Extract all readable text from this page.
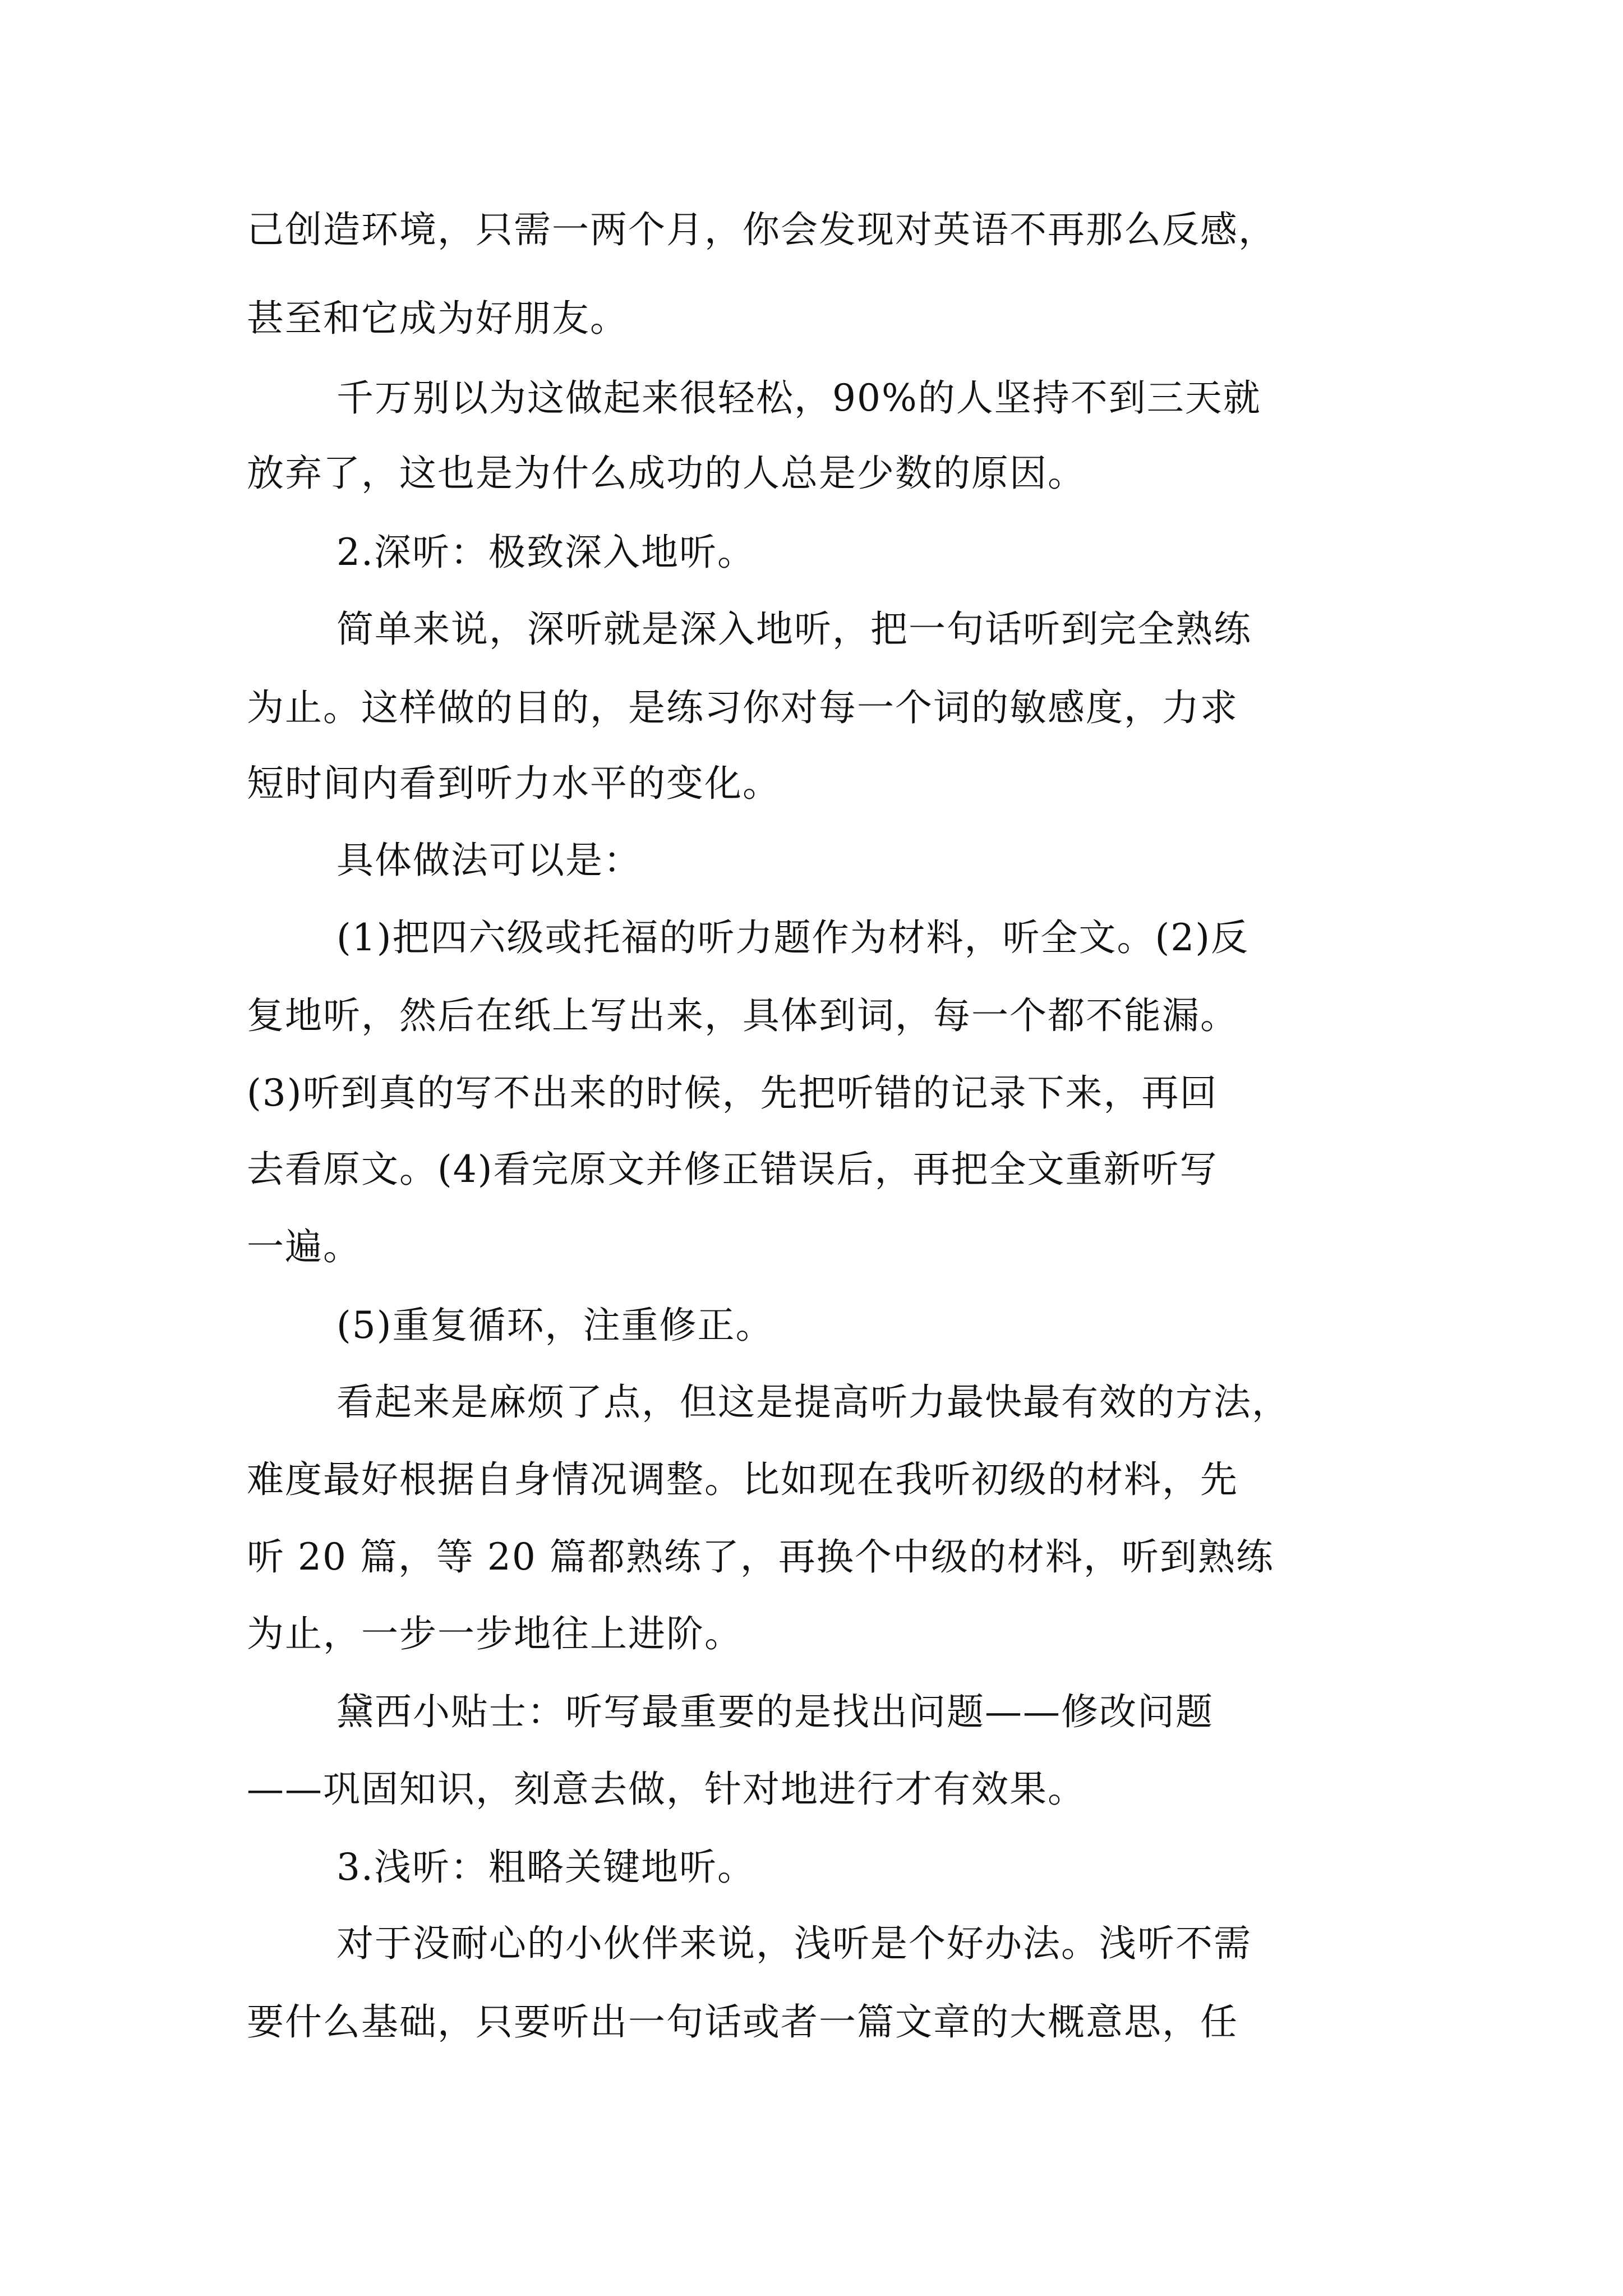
己创造环境，只需一两个月，你会发现对英语不再那么反感，
甚至和它成为好朋友。
千万别以为这做起来很轻松，90%的人坚持不到三天就
放弃了，这也是为什么成功的人总是少数的原因。
2.深听：极致深入地听。
简单来说，深听就是深入地听，把一句话听到完全熟练
为止。这样做的目的，是练习你对每一个词的敏感度，力求
短时间内看到听力水平的变化。
具体做法可以是：
(1)把四六级或托福的听力题作为材料，听全文。(2)反
复地听，然后在纸上写出来，具体到词，每一个都不能漏。
(3)听到真的写不出来的时候，先把听错的记录下来，再回
去看原文。(4)看完原文并修正错误后，再把全文重新听写
一遍。
(5)重复循环，注重修正。
看起来是麻烦了点，但这是提高听力最快最有效的方法，
难度最好根据自身情况调整。比如现在我听初级的材料，先
听 20 篇，等 20 篇都熟练了，再换个中级的材料，听到熟练
为止，一步一步地往上进阶。
黛西小贴士：听写最重要的是找出问题——修改问题
——巩固知识，刻意去做，针对地进行才有效果。
3.浅听：粗略关键地听。
对于没耐心的小伙伴来说，浅听是个好办法。浅听不需
要什么基础，只要听出一句话或者一篇文章的大概意思，任
